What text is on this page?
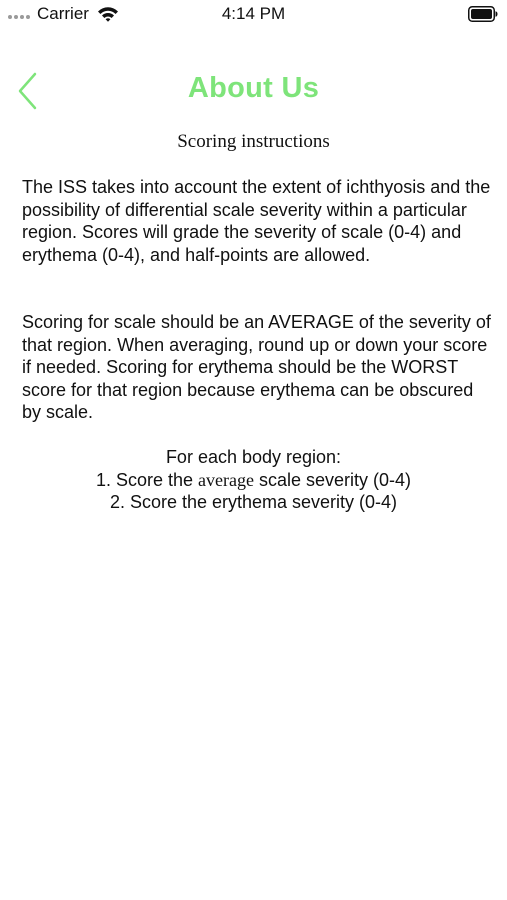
Carrier	4:14 PM
About Us
Scoring instructions

The ISS takes into account the extent of ichthyosis and the possibility of differential scale severity within a particular region. Scores will grade the severity of scale (0-4) and erythema (0-4), and half-points are allowed.

Scoring for scale should be an AVERAGE of the severity of that region. When averaging, round up or down your score if needed. Scoring for erythema should be the WORST score for that region because erythema can be obscured by scale.

For each body region:
1. Score the average scale severity (0-4)
2. Score the erythema severity (0-4)
